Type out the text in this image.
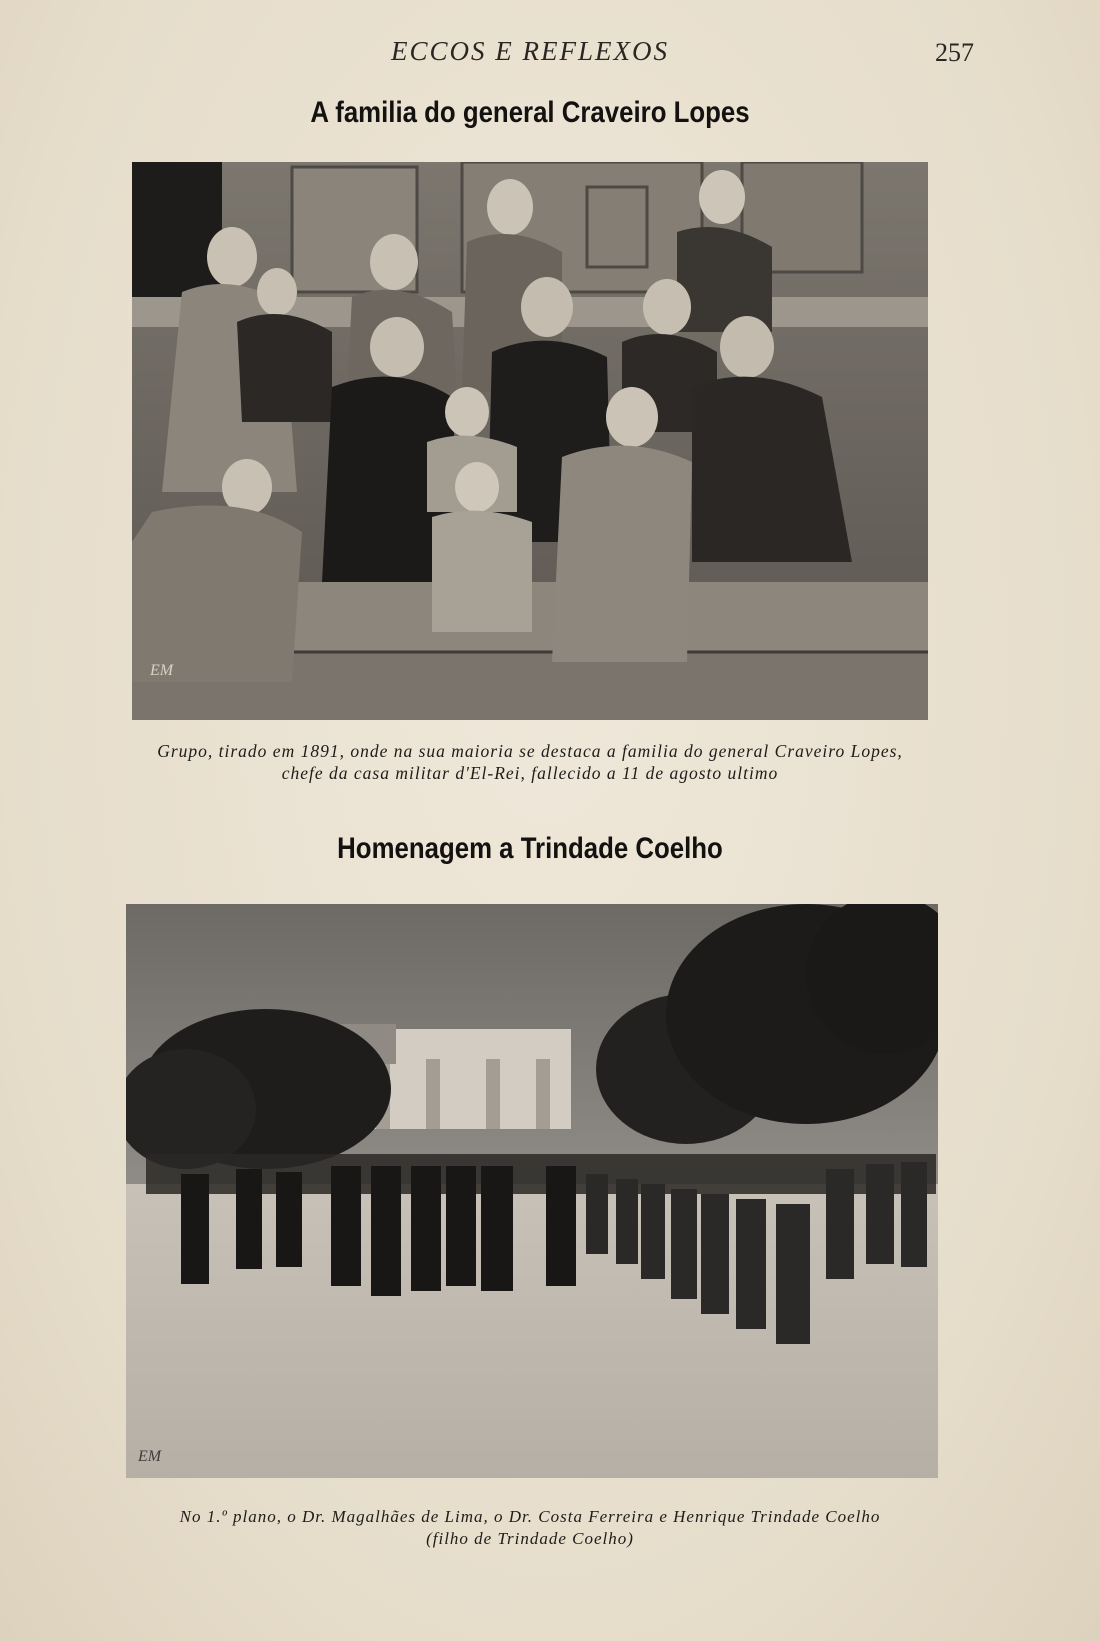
ECCOS E REFLEXOS	257
A familia do general Craveiro Lopes
EM
Grupo, tirado em 1891, onde na sua maioria se destaca a familia do general Craveiro Lopes,
chefe da casa militar d'El-Rei, fallecido a 11 de agosto ultimo
Homenagem a Trindade Coelho
EM
No 1.º plano, o Dr. Magalhães de Lima, o Dr. Costa Ferreira e Henrique Trindade Coelho
(filho de Trindade Coelho)
